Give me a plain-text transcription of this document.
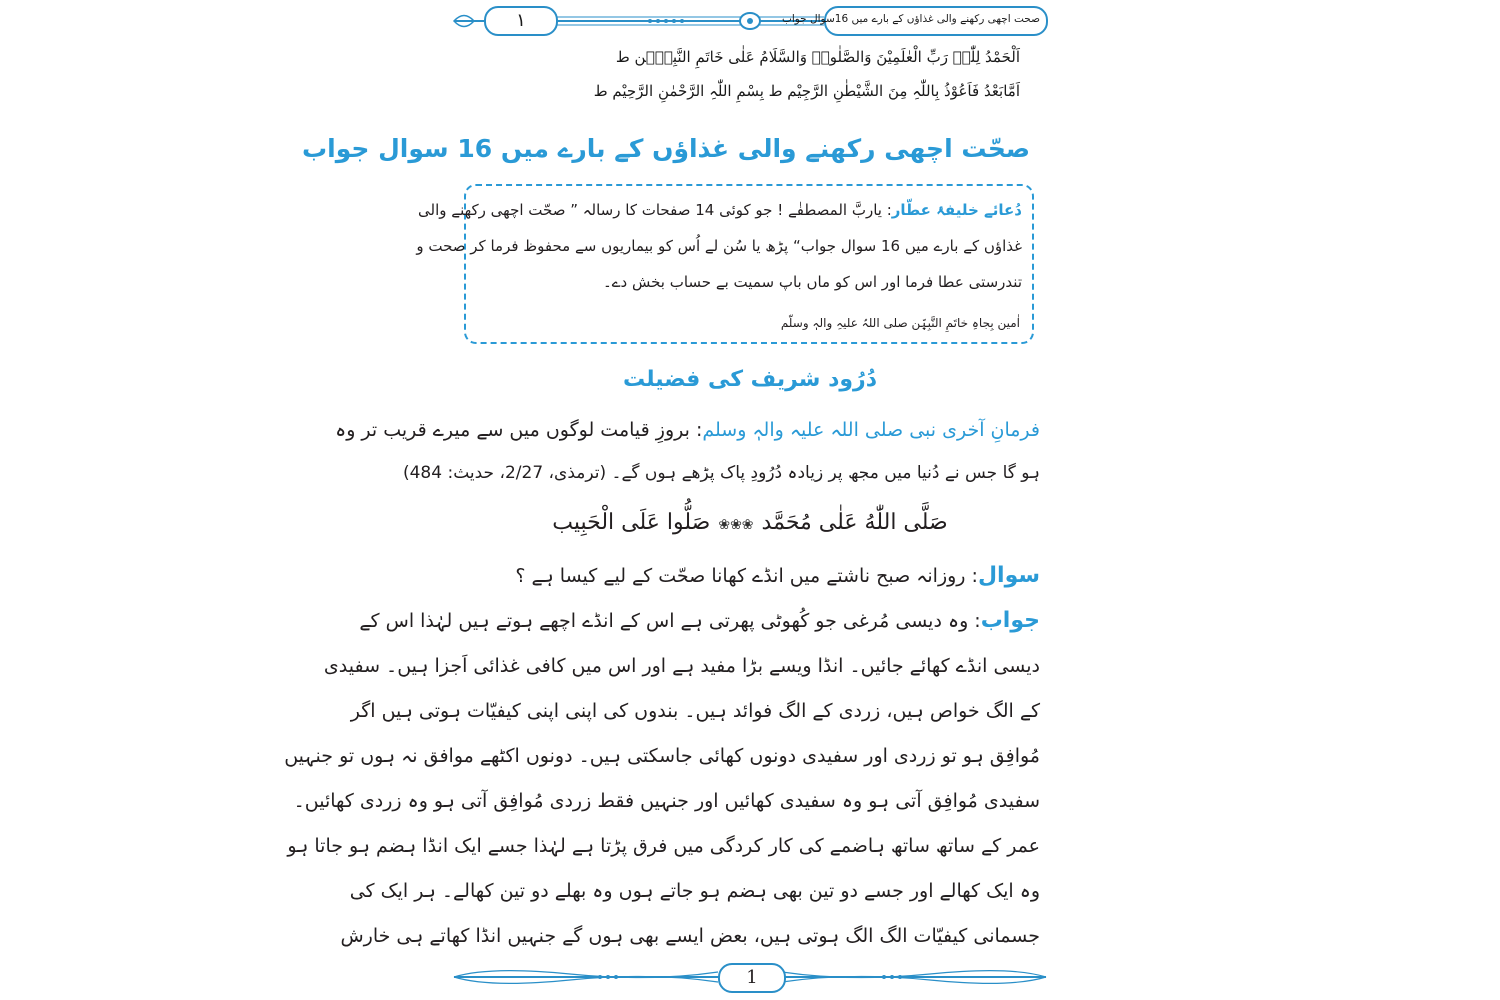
۱	صحت اچھی رکھنے والی غذاؤں کے بارے میں 16سوال جواب
اَلْحَمْدُ لِلّٰہِ رَبِّ الْعٰلَمِیْنَ وَالصَّلٰوۃُ وَالسَّلَامُ عَلٰی خَاتَمِ النَّبِیّٖن ط
اَمَّابَعْدُ فَاَعُوْذُ بِاللّٰہِ مِنَ الشَّیْطٰنِ الرَّجِیْم ط بِسْمِ اللّٰہِ الرَّحْمٰنِ الرَّحِیْم ط
صحّت اچھی رکھنے والی غذاؤں کے بارے میں 16 سوال جواب
دُعائے خلیفۂ عطّار: یاربَّ المصطفٰے ! جو کوئی 14 صفحات کا رسالہ ” صحّت اچھی رکھنے والی
غذاؤں کے بارے میں 16 سوال جواب“ پڑھ یا سُن لے اُس کو بیماریوں سے محفوظ فرما کر صحت و
تندرستی عطا فرما اور اس کو ماں باپ سمیت بے حساب بخش دے۔
اٰمین بِجاہِ خاتَمِ النَّبِیّٖن صلی اللہُ علیہِ والہٖ وسلّم
دُرُود شریف کی فضیلت
فرمانِ آخری نبی صلی اللہ علیہ والہٖ وسلم: بروزِ قیامت لوگوں میں سے میرے قریب تر وہ
ہو گا جس نے دُنیا میں مجھ پر زیادہ دُرُودِ پاک پڑھے ہوں گے۔ (ترمذی، 2/27، حدیث: 484)
صَلَّى اللّٰهُ عَلٰى مُحَمَّد❀❀❀صَلُّوا عَلَى الْحَبِيب
سوال: روزانہ صبح ناشتے میں انڈے کھانا صحّت کے لیے کیسا ہے ؟
جواب: وہ دیسی مُرغی جو کُھوٹی پھرتی ہے اس کے انڈے اچھے ہوتے ہیں لہٰذا اس کے
دیسی انڈے کھائے جائیں۔ انڈا ویسے بڑا مفید ہے اور اس میں کافی غذائی اَجزا ہیں۔ سفیدی
کے الگ خواص ہیں، زردی کے الگ فوائد ہیں۔ بندوں کی اپنی اپنی کیفیّات ہوتی ہیں اگر
مُوافِق ہو تو زردی اور سفیدی دونوں کھائی جاسکتی ہیں۔ دونوں اکٹھے موافق نہ ہوں تو جنہیں
سفیدی مُوافِق آتی ہو وہ سفیدی کھائیں اور جنہیں فقط زردی مُوافِق آتی ہو وہ زردی کھائیں۔
عمر کے ساتھ ساتھ ہاضمے کی کار کردگی میں فرق پڑتا ہے لہٰذا جسے ایک انڈا ہضم ہو جاتا ہو
وہ ایک کھالے اور جسے دو تین بھی ہضم ہو جاتے ہوں وہ بھلے دو تین کھالے۔ ہر ایک کی
جسمانی کیفیّات الگ الگ ہوتی ہیں، بعض ایسے بھی ہوں گے جنہیں انڈا کھاتے ہی خارش
1
